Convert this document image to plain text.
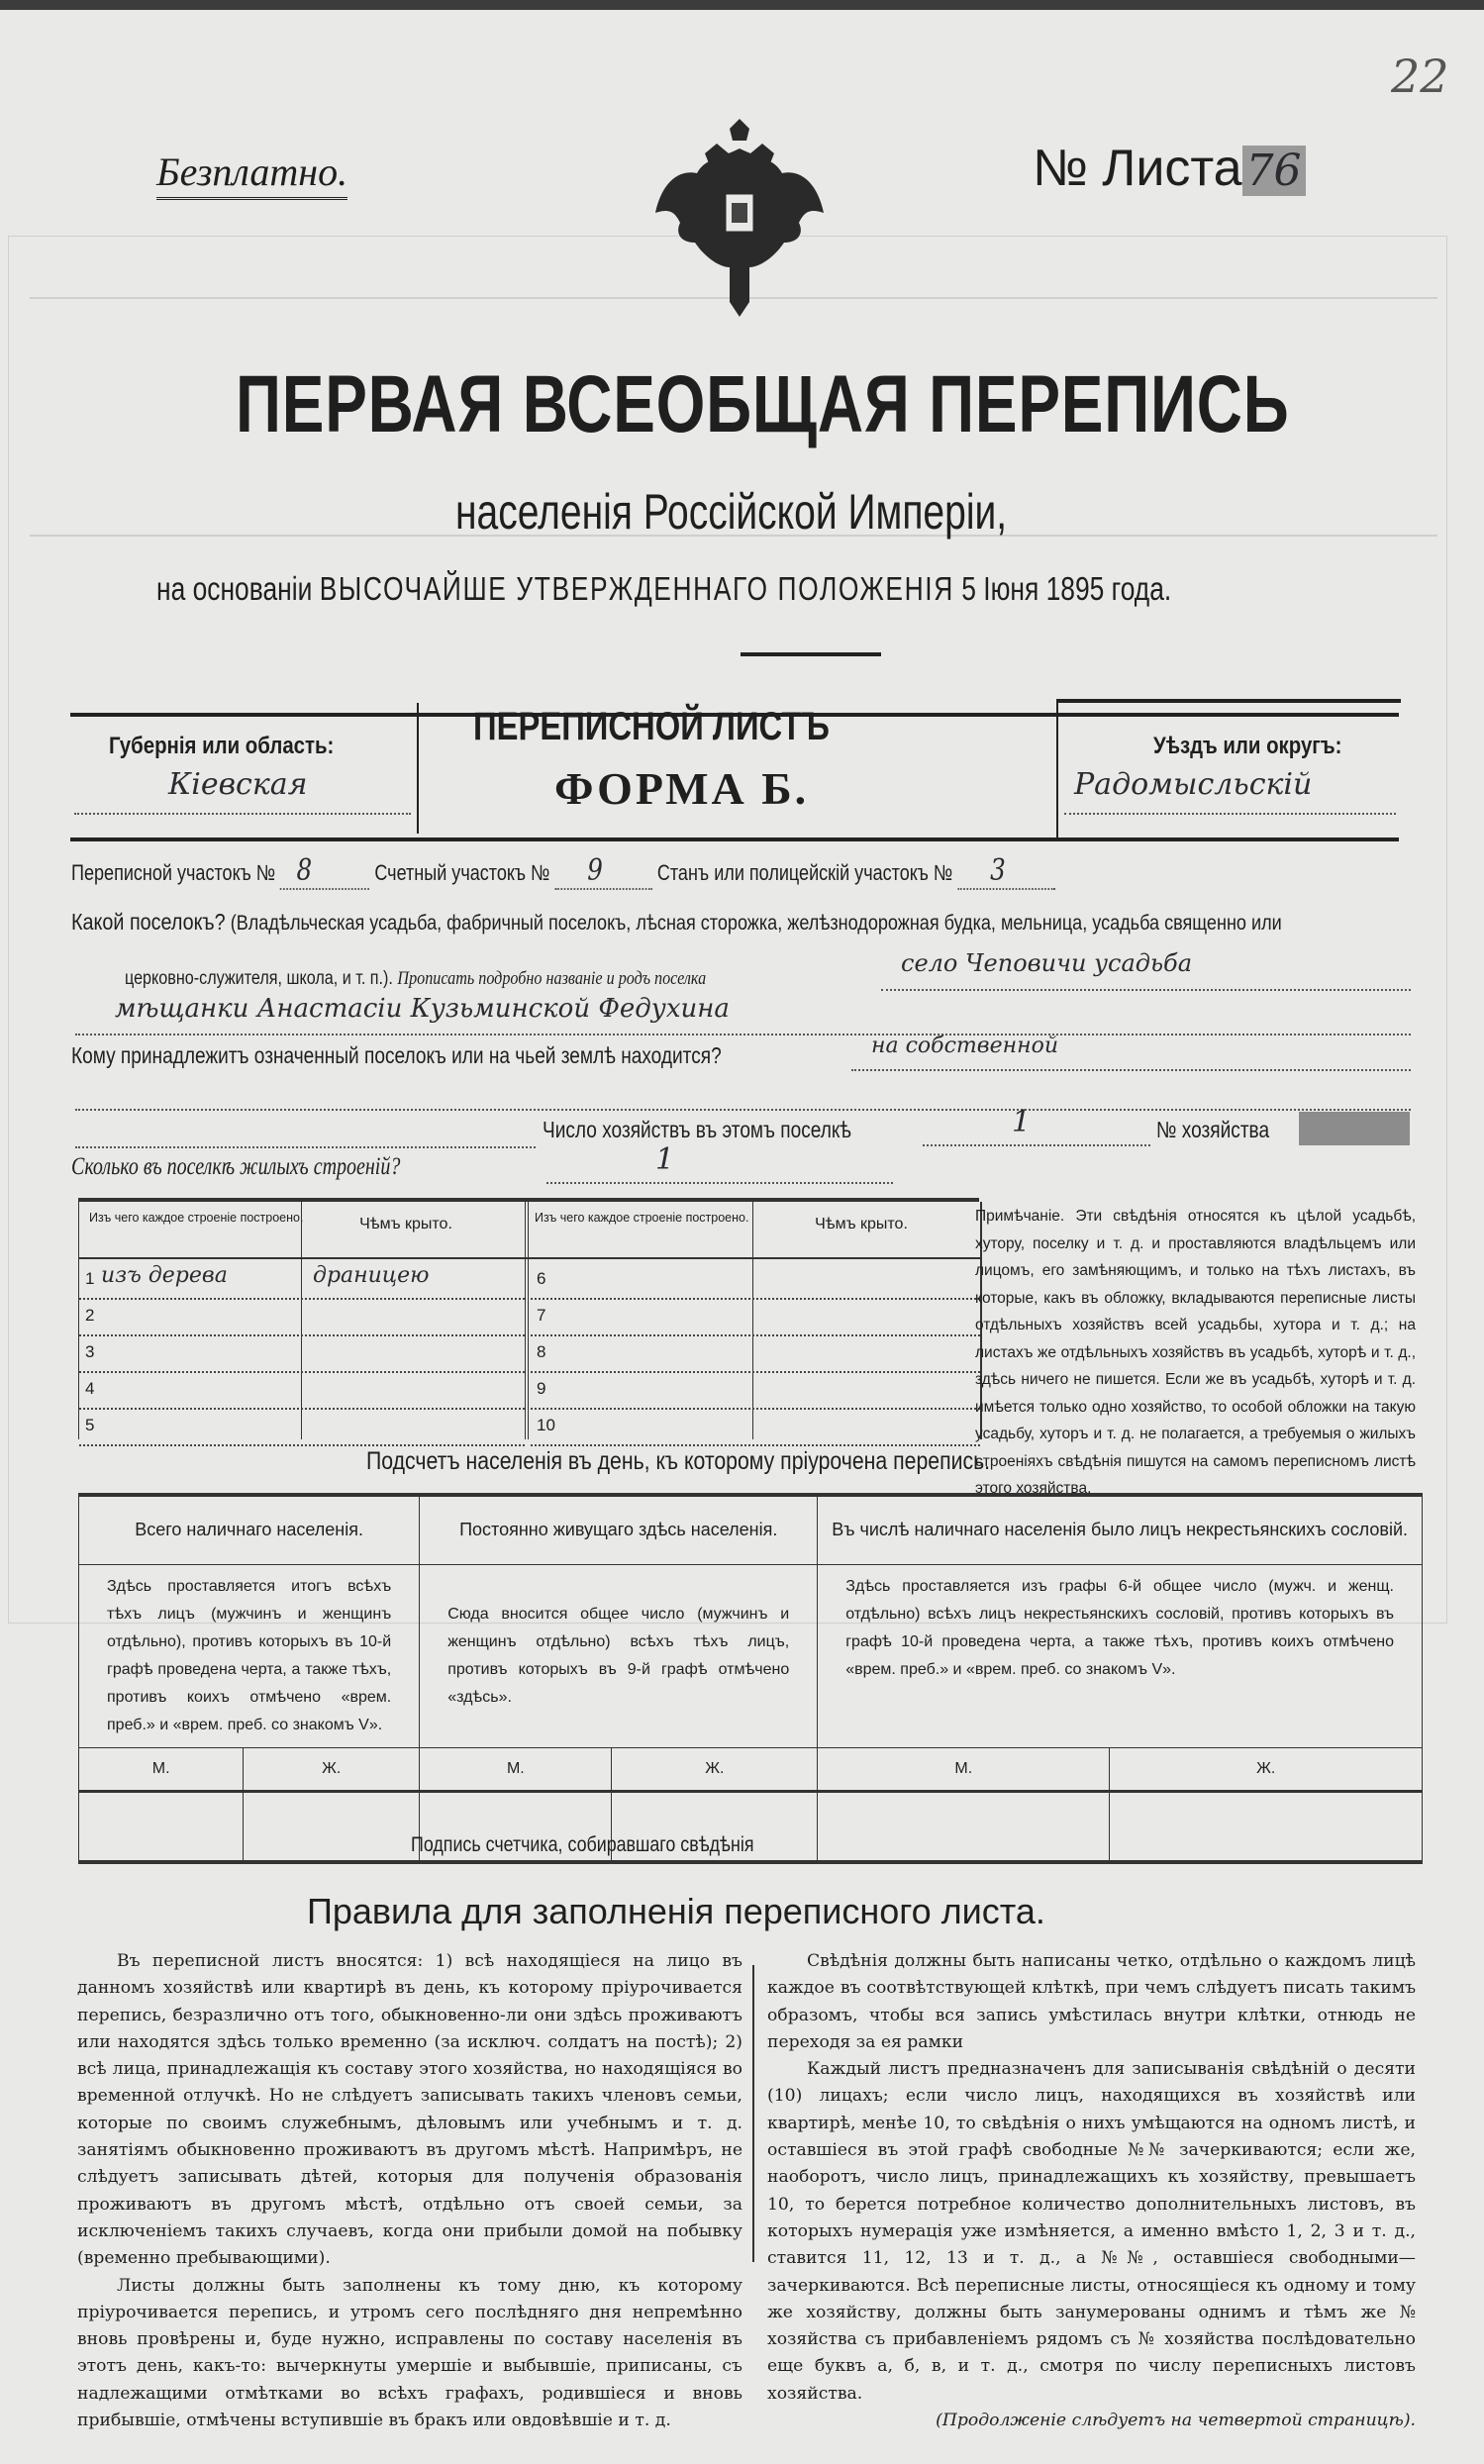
22
Безплатно.	№ Листа76
ПЕРВАЯ ВСЕОБЩАЯ ПЕРЕПИСЬ
населенія Россійской Имперіи,
на основаніи ВЫСОЧАЙШЕ УТВЕРЖДЕННАГО ПОЛОЖЕНІЯ 5 Іюня 1895 года.
Губернія или область:
Кіевская
ПЕРЕПИСНОЙ ЛИСТЪ
ФОРМА Б.
Уѣздъ или округъ:
Радомысльскій
Переписной участокъ № 8	Счетный участокъ № 9 Станъ или полицейскій участокъ № 3
Какой поселокъ? (Владѣльческая усадьба, фабричный поселокъ, лѣсная сторожка, желѣзнодорожная будка, мельница, усадьба священно или
церковно-служителя, школа, и т. п.). Прописать подробно названіе и родъ поселка
село Чеповичи усадьба
мѣщанки Анастасіи Кузьминской Федухина
Кому принадлежитъ означенный поселокъ или на чьей землѣ находится?	на собственной
Число хозяйствъ въ этомъ поселкѣ	1	№ хозяйства
Сколько въ поселкѣ жилыхъ строеній?	1
Изъ чего каждое строеніе построено.	Чѣмъ крыто.	Изъ чего каждое строеніе построено.	Чѣмъ крыто.
1 изъ дерева	драницею
2
3
4
5
6
7
8
9
10
Примѣчаніе. Эти свѣдѣнія относятся къ цѣлой усадьбѣ, хутору, поселку и т. д. и проставляются владѣльцемъ или лицомъ, его замѣняющимъ, и только на тѣхъ листахъ, въ которые, какъ въ обложку, вкладываются переписные листы отдѣльныхъ хозяйствъ всей усадьбы, хутора и т. д.; на листахъ же отдѣльныхъ хозяйствъ въ усадьбѣ, хуторѣ и т. д., здѣсь ничего не пишется. Если же въ усадьбѣ, хуторѣ и т. д. имѣется только одно хозяйство, то особой обложки на такую усадьбу, хуторъ и т. д. не полагается, а требуемыя о жилыхъ строеніяхъ свѣдѣнія пишутся на самомъ переписномъ листѣ этого хозяйства.
Подсчетъ населенія въ день, къ которому пріурочена перепись.
Всего наличнаго населенія.		Постоянно живущаго здѣсь населенія.		Въ числѣ наличнаго населенія было лицъ некрестьянскихъ сословій.	
Здѣсь проставляется итогъ всѣхъ тѣхъ лицъ (мужчинъ и женщинъ отдѣльно), противъ которыхъ въ 10-й графѣ проведена черта, а также тѣхъ, противъ коихъ отмѣчено «врем. преб.» и «врем. преб. со знакомъ V».		Сюда вносится общее число (мужчинъ и женщинъ отдѣльно) всѣхъ тѣхъ лицъ, противъ которыхъ въ 9-й графѣ отмѣчено «здѣсь».		Здѣсь проставляется изъ графы 6-й общее число (мужч. и женщ. отдѣльно) всѣхъ лицъ некрестьянскихъ сословій, противъ которыхъ въ графѣ 10-й проведена черта, а также тѣхъ, противъ коихъ отмѣчено «врем. преб.» и «врем. преб. со знакомъ V».	
М.	Ж.	М.	Ж.	М.	Ж.

Подпись счетчика, собиравшаго свѣдѣнія
Правила для заполненія переписного листа.

Въ переписной листъ вносятся: 1) всѣ находящіеся на лицо въ данномъ хозяйствѣ или квартирѣ въ день, къ которому пріурочивается перепись, безразлично отъ того, обыкновенно-ли они здѣсь проживаютъ или находятся здѣсь только временно (за исключ. солдатъ на постѣ); 2) всѣ лица, принадлежащія къ составу этого хозяйства, но находящіяся во временной отлучкѣ. Но не слѣдуетъ записывать такихъ членовъ семьи, которые по своимъ служебнымъ, дѣловымъ или учебнымъ и т. д. занятіямъ обыкновенно проживаютъ въ другомъ мѣстѣ. Напримѣръ, не слѣдуетъ записывать дѣтей, которыя для полученія образованія проживаютъ въ другомъ мѣстѣ, отдѣльно отъ своей семьи, за исключеніемъ такихъ случаевъ, когда они прибыли домой на побывку (временно пребывающими).

Листы должны быть заполнены къ тому дню, къ которому пріурочивается перепись, и утромъ сего послѣдняго дня непремѣнно вновь провѣрены и, буде нужно, исправлены по составу населенія въ этотъ день, какъ-то: вычеркнуты умершіе и выбывшіе, приписаны, съ надлежащими отмѣтками во всѣхъ графахъ, родившіеся и вновь прибывшіе, отмѣчены вступившіе въ бракъ или овдовѣвшіе и т. д.

Свѣдѣнія должны быть написаны четко, отдѣльно о каждомъ лицѣ каждое въ соотвѣтствующей клѣткѣ, при чемъ слѣдуетъ писать такимъ образомъ, чтобы вся запись умѣстилась внутри клѣтки, отнюдь не переходя за ея рамки

Каждый листъ предназначенъ для записыванія свѣдѣній о десяти (10) лицахъ; если число лицъ, находящихся въ хозяйствѣ или квартирѣ, менѣе 10, то свѣдѣнія о нихъ умѣщаются на одномъ листѣ, и оставшіеся въ этой графѣ свободные №№ зачеркиваются; если же, наоборотъ, число лицъ, принадлежащихъ къ хозяйству, превышаетъ 10, то берется потребное количество дополнительныхъ листовъ, въ которыхъ нумерація уже измѣняется, а именно вмѣсто 1, 2, 3 и т. д., ставится 11, 12, 13 и т. д., а №№, оставшіеся свободными—зачеркиваются. Всѣ переписные листы, относящіеся къ одному и тому же хозяйству, должны быть занумерованы однимъ и тѣмъ же № хозяйства съ прибавленіемъ рядомъ съ № хозяйства послѣдовательно еще буквъ а, б, в, и т. д., смотря по числу переписныхъ листовъ хозяйства.

(Продолженіе слѣдуетъ на четвертой страницѣ).
